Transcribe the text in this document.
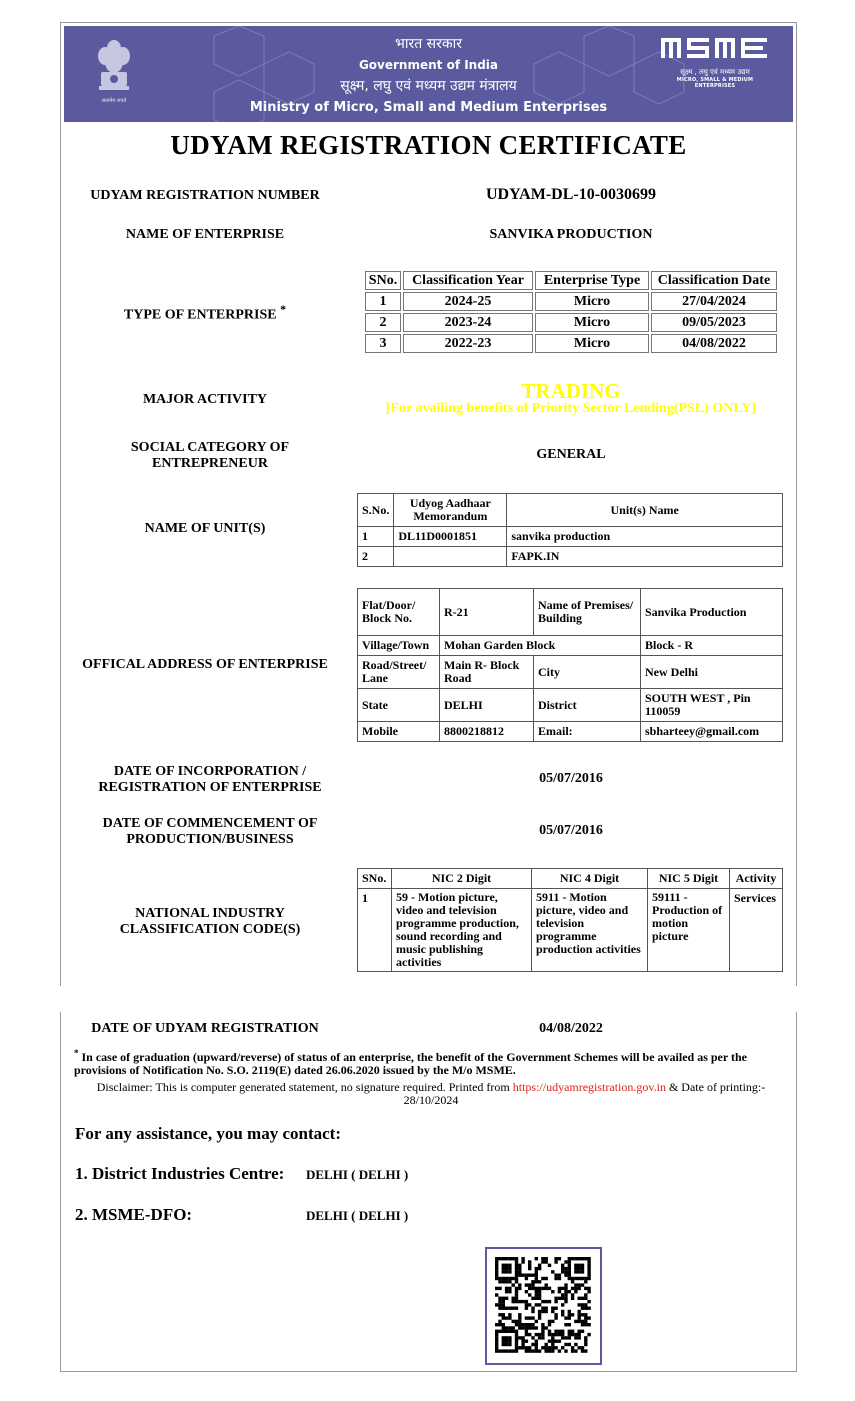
सत्यमेव जयते
भारत सरकार
Government of India
सूक्ष्म, लघु एवं मध्यम उद्यम मंत्रालय
Ministry of Micro, Small and Medium Enterprises
सूक्ष्म , लघु एवं मध्यम उद्यम
MICRO, SMALL & MEDIUM ENTERPRISES
UDYAM REGISTRATION CERTIFICATE
UDYAM REGISTRATION NUMBER	UDYAM-DL-10-0030699
NAME OF ENTERPRISE	SANVIKA PRODUCTION
TYPE OF ENTERPRISE *
SNo.	Classification Year	Enterprise Type	Classification Date
1	2024-25	Micro	27/04/2024
2	2023-24	Micro	09/05/2023
3	2022-23	Micro	04/08/2022
MAJOR ACTIVITY	TRADING
[For availing benefits of Priority Sector Lending(PSL) ONLY]
SOCIAL CATEGORY OF
ENTREPRENEUR
GENERAL
NAME OF UNIT(S)
S.No.	Udyog Aadhaar Memorandum	Unit(s) Name
1	DL11D0001851	sanvika production
2		FAPK.IN
OFFICAL ADDRESS OF ENTERPRISE
Flat/Door/ Block No.	R-21	Name of Premises/ Building	Sanvika Production
Village/Town	Mohan Garden Block		Block - R
Road/Street/ Lane	Main R- Block Road	City	New Delhi
State	DELHI	District	SOUTH WEST , Pin 110059
Mobile	8800218812	Email:	sbharteey@gmail.com
DATE OF INCORPORATION /
REGISTRATION OF ENTERPRISE
05/07/2016
DATE OF COMMENCEMENT OF
PRODUCTION/BUSINESS
05/07/2016
NATIONAL INDUSTRY
CLASSIFICATION CODE(S)
SNo.	NIC 2 Digit	NIC 4 Digit	NIC 5 Digit	Activity
1	59 - Motion picture, video and television programme production, sound recording and music publishing activities	5911 - Motion picture, video and television programme production activities	59111 - Production of motion picture	Services
DATE OF UDYAM REGISTRATION	04/08/2022
* In case of graduation (upward/reverse) of status of an enterprise, the benefit of the Government Schemes will be availed as per the provisions of Notification No. S.O. 2119(E) dated 26.06.2020 issued by the M/o MSME.
Disclaimer: This is computer generated statement, no signature required. Printed from https://udyamregistration.gov.in & Date of printing:-
28/10/2024
For any assistance, you may contact:
1. District Industries Centre: DELHI ( DELHI )
2. MSME-DFO:	DELHI ( DELHI )
